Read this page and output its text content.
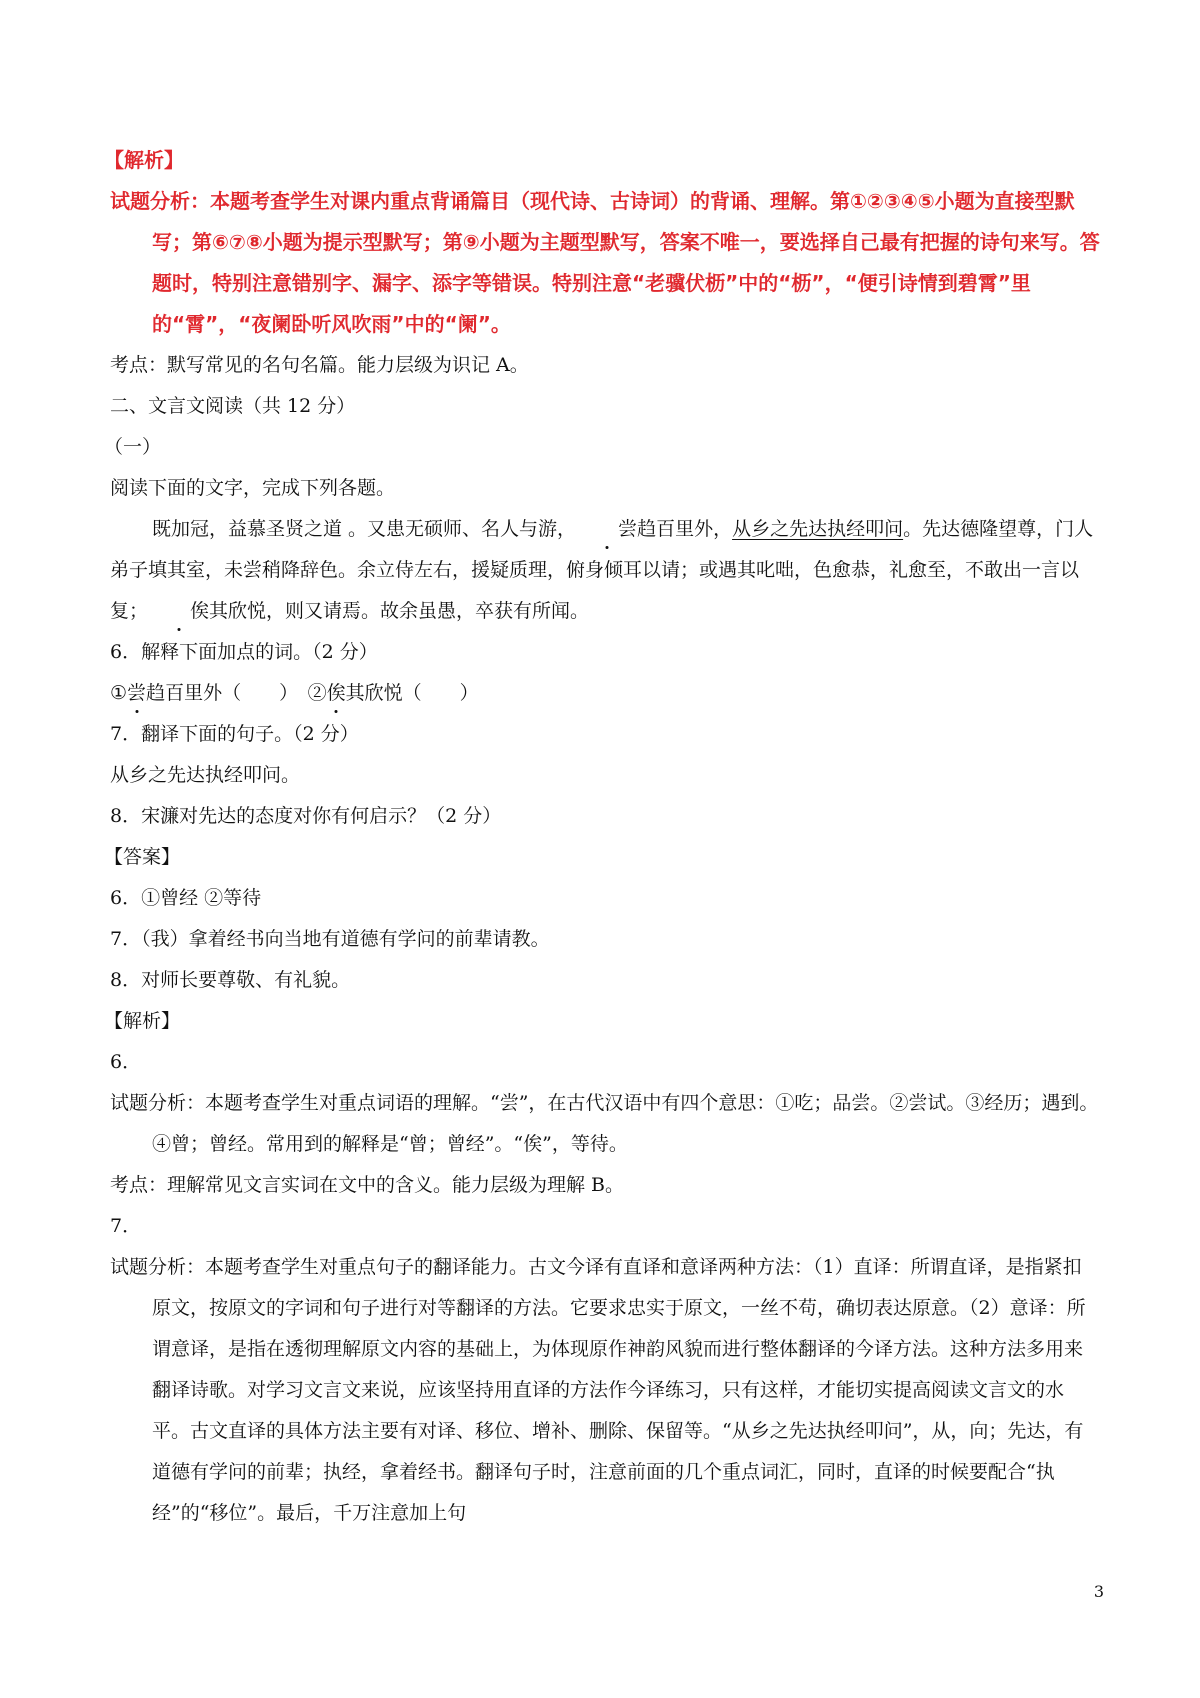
【解析】
试题分析：本题考查学生对课内重点背诵篇目（现代诗、古诗词）的背诵、理解。第①②③④⑤小题为直接型默写；第⑥⑦⑧小题为提示型默写；第⑨小题为主题型默写，答案不唯一，要选择自己最有把握的诗句来写。答题时，特别注意错别字、漏字、添字等错误。特别注意“老骥伏枥”中的“枥”，“便引诗情到碧霄”里的“霄”，“夜阑卧听风吹雨”中的“阑”。
考点：默写常见的名句名篇。能力层级为识记 A。
二、文言文阅读（共 12 分）
（一）
阅读下面的文字，完成下列各题。
既加冠，益慕圣贤之道 。又患无硕师、名人与游， 尝趋百里外，从乡之先达执经叩问。先达德隆望尊，门人弟子填其室，未尝稍降辞色。余立侍左右，援疑质理，俯身倾耳以请；或遇其叱咄，色愈恭，礼愈至，不敢出一言以复； 俟其欣悦，则又请焉。故余虽愚，卒获有所闻。
6．解释下面加点的词。（2 分）
①尝趋百里外（　　）　②俟其欣悦（　　）
7．翻译下面的句子。（2 分）
从乡之先达执经叩问。
8．宋濂对先达的态度对你有何启示？（2 分）
【答案】
6．①曾经 ②等待
7．（我）拿着经书向当地有道德有学问的前辈请教。
8．对师长要尊敬、有礼貌。
【解析】
6．
试题分析：本题考查学生对重点词语的理解。“尝”，在古代汉语中有四个意思：①吃；品尝。②尝试。③经历；遇到。④曾；曾经。常用到的解释是“曾；曾经”。“俟”，等待。
考点：理解常见文言实词在文中的含义。能力层级为理解 B。
7．
试题分析：本题考查学生对重点句子的翻译能力。古文今译有直译和意译两种方法：（1）直译：所谓直译，是指紧扣原文，按原文的字词和句子进行对等翻译的方法。它要求忠实于原文，一丝不苟，确切表达原意。（2）意译：所谓意译，是指在透彻理解原文内容的基础上，为体现原作神韵风貌而进行整体翻译的今译方法。这种方法多用来翻译诗歌。对学习文言文来说，应该坚持用直译的方法作今译练习，只有这样，才能切实提高阅读文言文的水平。古文直译的具体方法主要有对译、移位、增补、删除、保留等。“从乡之先达执经叩问”，从，向；先达，有道德有学问的前辈；执经，拿着经书。翻译句子时，注意前面的几个重点词汇，同时，直译的时候要配合“执经”的“移位”。最后，千万注意加上句
3
